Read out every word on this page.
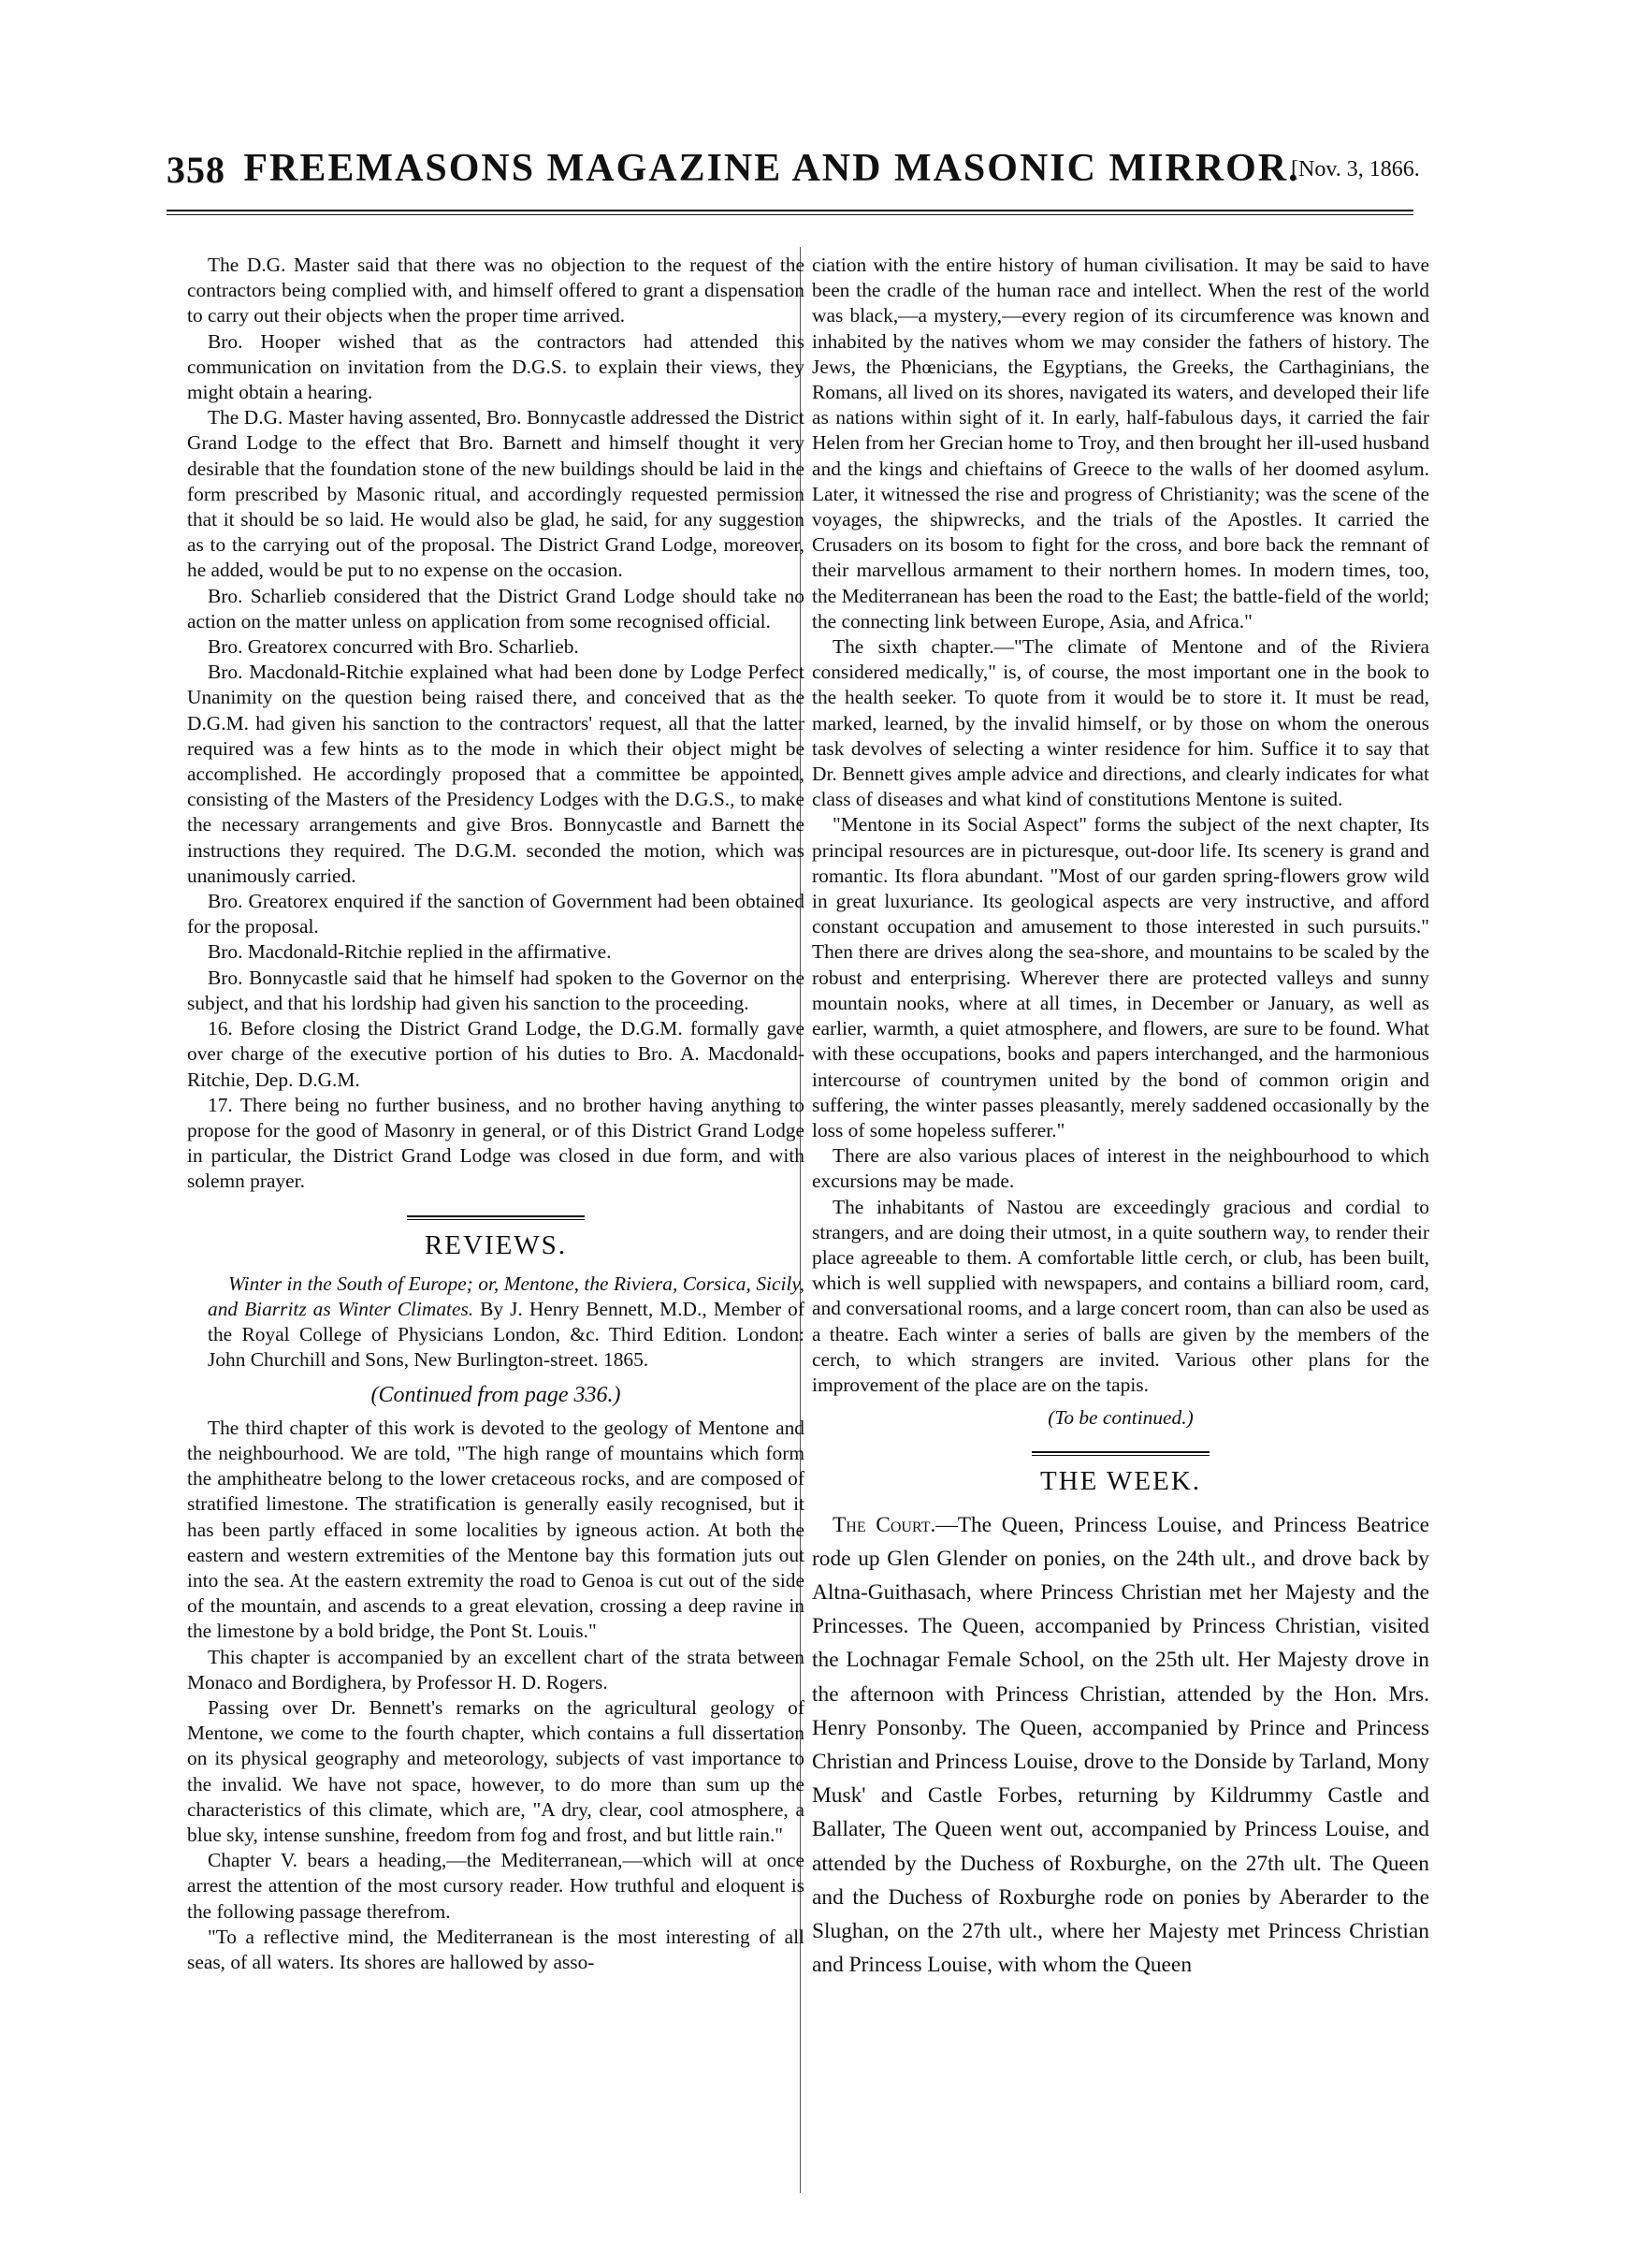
358 FREEMASONS MAGAZINE AND MASONIC MIRROR.
[Nov. 3, 1866.

The D.G. Master said that there was no objection to the request of the contractors being complied with, and himself offered to grant a dispensation to carry out their objects when the proper time arrived.

Bro. Hooper wished that as the contractors had attended this communication on invitation from the D.G.S. to explain their views, they might obtain a hearing.

The D.G. Master having assented, Bro. Bonnycastle addressed the District Grand Lodge to the effect that Bro. Barnett and himself thought it very desirable that the foundation stone of the new buildings should be laid in the form prescribed by Masonic ritual, and accordingly requested permission that it should be so laid. He would also be glad, he said, for any suggestion as to the carrying out of the proposal. The District Grand Lodge, moreover, he added, would be put to no expense on the occasion.

Bro. Scharlieb considered that the District Grand Lodge should take no action on the matter unless on application from some recognised official.

Bro. Greatorex concurred with Bro. Scharlieb.

Bro. Macdonald-Ritchie explained what had been done by Lodge Perfect Unanimity on the question being raised there, and conceived that as the D.G.M. had given his sanction to the contractors' request, all that the latter required was a few hints as to the mode in which their object might be accomplished. He accordingly proposed that a committee be appointed, consisting of the Masters of the Presidency Lodges with the D.G.S., to make the necessary arrangements and give Bros. Bonnycastle and Barnett the instructions they required. The D.G.M. seconded the motion, which was unanimously carried.

Bro. Greatorex enquired if the sanction of Government had been obtained for the proposal.

Bro. Macdonald-Ritchie replied in the affirmative.

Bro. Bonnycastle said that he himself had spoken to the Governor on the subject, and that his lordship had given his sanction to the proceeding.

16. Before closing the District Grand Lodge, the D.G.M. formally gave over charge of the executive portion of his duties to Bro. A. Macdonald-Ritchie, Dep. D.G.M.

17. There being no further business, and no brother having anything to propose for the good of Masonry in general, or of this District Grand Lodge in particular, the District Grand Lodge was closed in due form, and with solemn prayer.

REVIEWS.

Winter in the South of Europe; or, Mentone, the Riviera, Corsica, Sicily, and Biarritz as Winter Climates. By J. Henry Bennett, M.D., Member of the Royal College of Physicians London, &c. Third Edition. London: John Churchill and Sons, New Burlington-street. 1865.

(Continued from page 336.)

The third chapter of this work is devoted to the geology of Mentone and the neighbourhood. We are told, "The high range of mountains which form the amphitheatre belong to the lower cretaceous rocks, and are composed of stratified limestone. The stratification is generally easily recognised, but it has been partly effaced in some localities by igneous action. At both the eastern and western extremities of the Mentone bay this formation juts out into the sea. At the eastern extremity the road to Genoa is cut out of the side of the mountain, and ascends to a great elevation, crossing a deep ravine in the limestone by a bold bridge, the Pont St. Louis."

This chapter is accompanied by an excellent chart of the strata between Monaco and Bordighera, by Professor H. D. Rogers.

Passing over Dr. Bennett's remarks on the agricultural geology of Mentone, we come to the fourth chapter, which contains a full dissertation on its physical geography and meteorology, subjects of vast importance to the invalid. We have not space, however, to do more than sum up the characteristics of this climate, which are, "A dry, clear, cool atmosphere, a blue sky, intense sunshine, freedom from fog and frost, and but little rain."

Chapter V. bears a heading,—the Mediterranean,—which will at once arrest the attention of the most cursory reader. How truthful and eloquent is the following passage therefrom.

"To a reflective mind, the Mediterranean is the most interesting of all seas, of all waters. Its shores are hallowed by asso-

ciation with the entire history of human civilisation. It may be said to have been the cradle of the human race and intellect. When the rest of the world was black,—a mystery,—every region of its circumference was known and inhabited by the natives whom we may consider the fathers of history. The Jews, the Phœnicians, the Egyptians, the Greeks, the Carthaginians, the Romans, all lived on its shores, navigated its waters, and developed their life as nations within sight of it. In early, half-fabulous days, it carried the fair Helen from her Grecian home to Troy, and then brought her ill-used husband and the kings and chieftains of Greece to the walls of her doomed asylum. Later, it witnessed the rise and progress of Christianity; was the scene of the voyages, the shipwrecks, and the trials of the Apostles. It carried the Crusaders on its bosom to fight for the cross, and bore back the remnant of their marvellous armament to their northern homes. In modern times, too, the Mediterranean has been the road to the East; the battle-field of the world; the connecting link between Europe, Asia, and Africa."

The sixth chapter.—"The climate of Mentone and of the Riviera considered medically," is, of course, the most important one in the book to the health seeker. To quote from it would be to store it. It must be read, marked, learned, by the invalid himself, or by those on whom the onerous task devolves of selecting a winter residence for him. Suffice it to say that Dr. Bennett gives ample advice and directions, and clearly indicates for what class of diseases and what kind of constitutions Mentone is suited.

"Mentone in its Social Aspect" forms the subject of the next chapter, Its principal resources are in picturesque, out-door life. Its scenery is grand and romantic. Its flora abundant. "Most of our garden spring-flowers grow wild in great luxuriance. Its geological aspects are very instructive, and afford constant occupation and amusement to those interested in such pursuits." Then there are drives along the sea-shore, and mountains to be scaled by the robust and enterprising. Wherever there are protected valleys and sunny mountain nooks, where at all times, in December or January, as well as earlier, warmth, a quiet atmosphere, and flowers, are sure to be found. What with these occupations, books and papers interchanged, and the harmonious intercourse of countrymen united by the bond of common origin and suffering, the winter passes pleasantly, merely saddened occasionally by the loss of some hopeless sufferer."

There are also various places of interest in the neighbourhood to which excursions may be made.

The inhabitants of Nastou are exceedingly gracious and cordial to strangers, and are doing their utmost, in a quite southern way, to render their place agreeable to them. A comfortable little cerch, or club, has been built, which is well supplied with newspapers, and contains a billiard room, card, and conversational rooms, and a large concert room, than can also be used as a theatre. Each winter a series of balls are given by the members of the cerch, to which strangers are invited. Various other plans for the improvement of the place are on the tapis.

(To be continued.)
THE WEEK.

The Court.—The Queen, Princess Louise, and Princess Beatrice rode up Glen Glender on ponies, on the 24th ult., and drove back by Altna-Guithasach, where Princess Christian met her Majesty and the Princesses. The Queen, accompanied by Princess Christian, visited the Lochnagar Female School, on the 25th ult. Her Majesty drove in the afternoon with Princess Christian, attended by the Hon. Mrs. Henry Ponsonby. The Queen, accompanied by Prince and Princess Christian and Princess Louise, drove to the Donside by Tarland, Mony Musk' and Castle Forbes, returning by Kildrummy Castle and Ballater, The Queen went out, accompanied by Princess Louise, and attended by the Duchess of Roxburghe, on the 27th ult. The Queen and the Duchess of Roxburghe rode on ponies by Aberarder to the Slughan, on the 27th ult., where her Majesty met Princess Christian and Princess Louise, with whom the Queen
